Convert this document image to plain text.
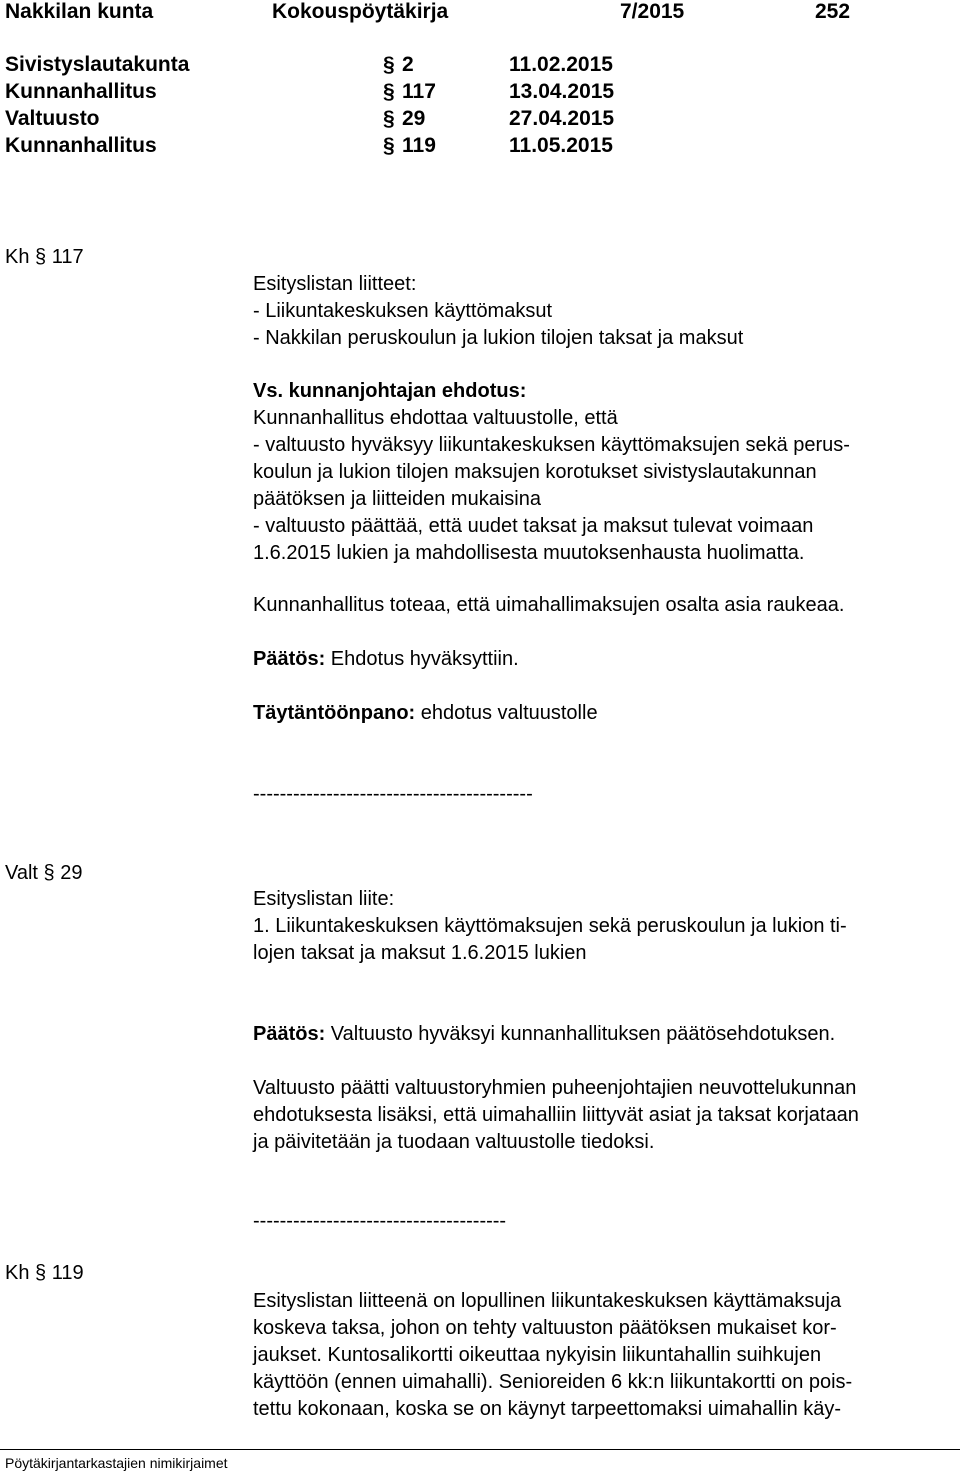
Nakkilan kunta	Kokouspöytäkirja	7/2015	252
Sivistyslautakunta	§ 2	11.02.2015
Kunnanhallitus	§ 117	13.04.2015
Valtuusto	§ 29	27.04.2015
Kunnanhallitus	§ 119	11.05.2015
Kh § 117
Esityslistan liitteet:
- Liikuntakeskuksen käyttömaksut
- Nakkilan peruskoulun ja lukion tilojen taksat ja maksut
Vs. kunnanjohtajan ehdotus:
Kunnanhallitus ehdottaa valtuustolle, että
- valtuusto hyväksyy liikuntakeskuksen käyttömaksujen sekä perus-
koulun ja lukion tilojen maksujen korotukset sivistyslautakunnan
päätöksen ja liitteiden mukaisina
- valtuusto päättää, että uudet taksat ja maksut tulevat voimaan
1.6.2015 lukien ja mahdollisesta muutoksenhausta huolimatta.
Kunnanhallitus toteaa, että uimahallimaksujen osalta asia raukeaa.
Päätös: Ehdotus hyväksyttiin.
Täytäntöönpano: ehdotus valtuustolle
------------------------------------------
Valt § 29
Esityslistan liite:
1. Liikuntakeskuksen käyttömaksujen sekä peruskoulun ja lukion ti-
lojen taksat ja maksut 1.6.2015 lukien
Päätös: Valtuusto hyväksyi kunnanhallituksen päätösehdotuksen.
Valtuusto päätti valtuustoryhmien puheenjohtajien neuvottelukunnan
ehdotuksesta lisäksi, että uimahalliin liittyvät asiat ja taksat korjataan
ja päivitetään ja tuodaan valtuustolle tiedoksi.
--------------------------------------
Kh § 119
Esityslistan liitteenä on lopullinen liikuntakeskuksen käyttämaksuja
koskeva taksa, johon on tehty valtuuston päätöksen mukaiset kor-
jaukset. Kuntosalikortti oikeuttaa nykyisin liikuntahallin suihkujen
käyttöön (ennen uimahalli). Senioreiden 6 kk:n liikuntakortti on pois-
tettu kokonaan, koska se on käynyt tarpeettomaksi uimahallin käy-
Pöytäkirjantarkastajien nimikirjaimet
